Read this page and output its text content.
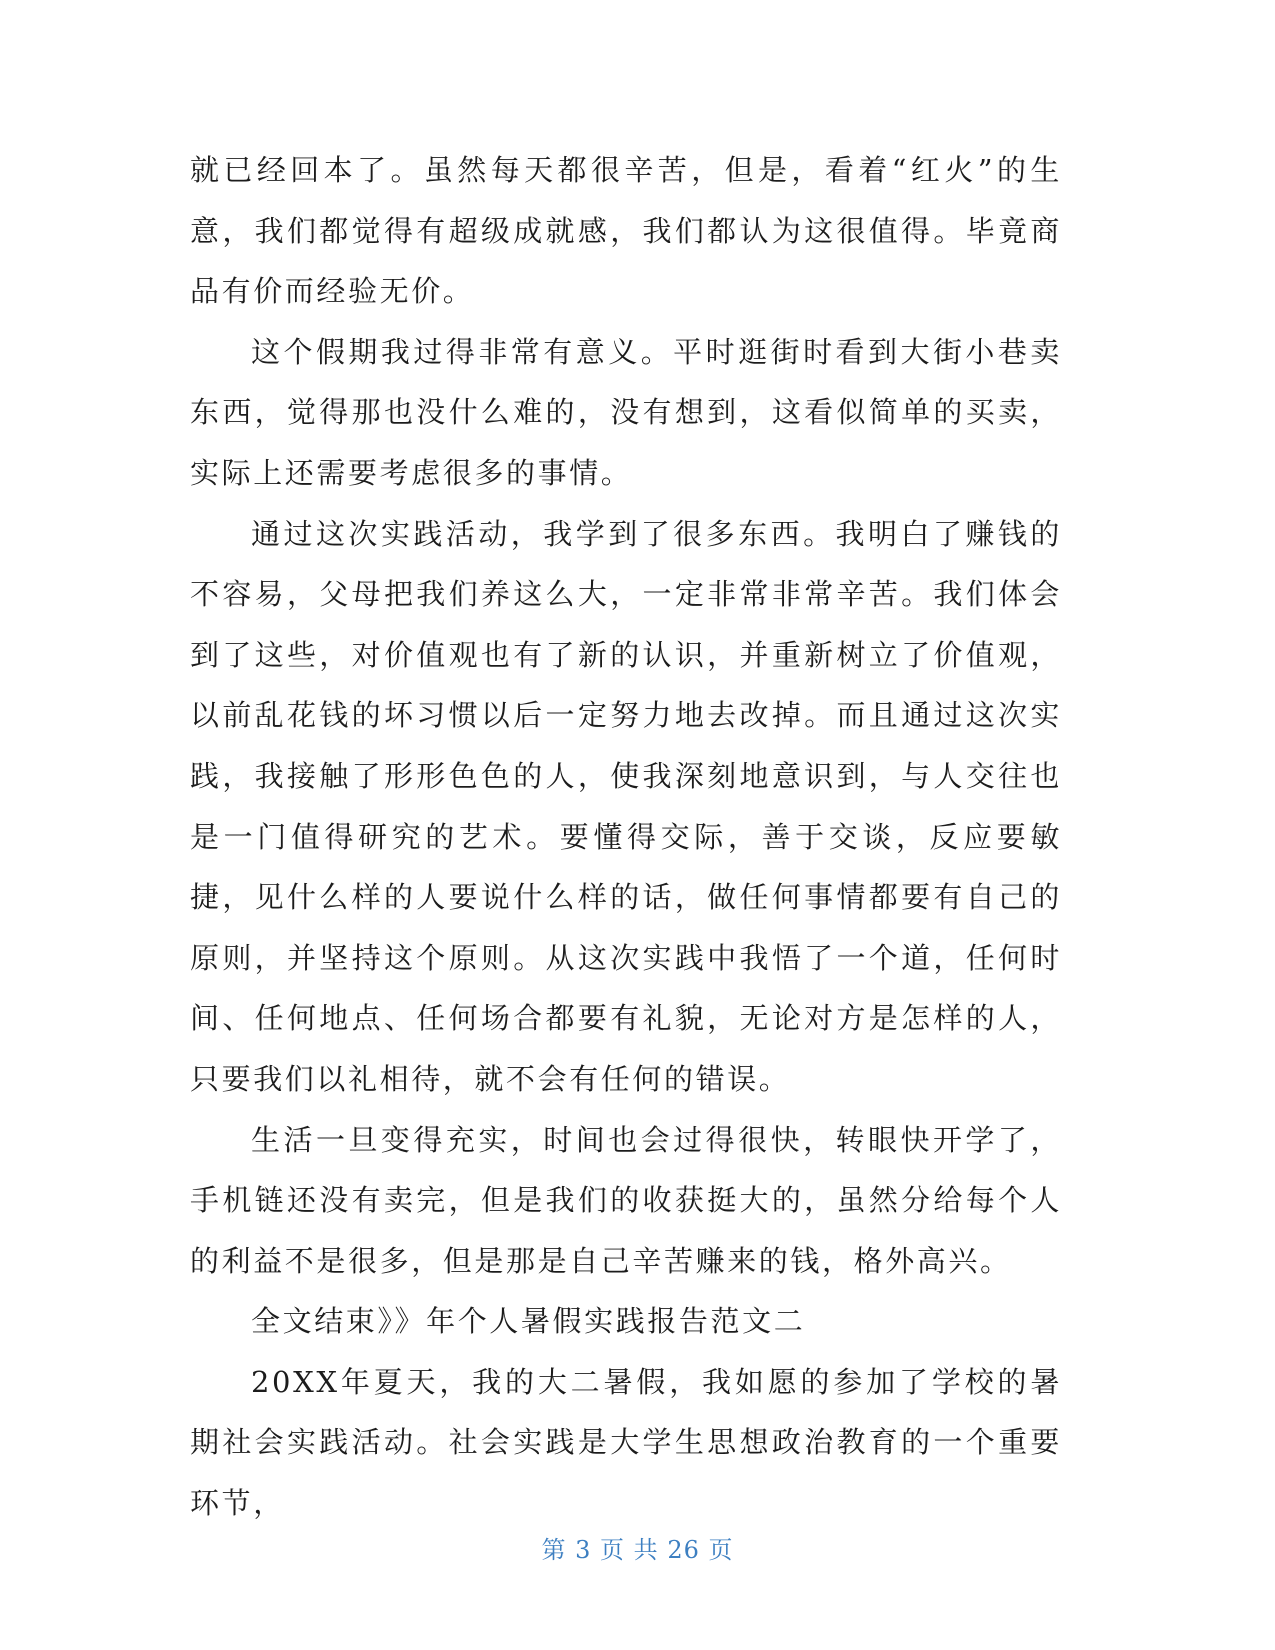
就已经回本了。虽然每天都很辛苦，但是，看着“红火”的生意，我们都觉得有超级成就感，我们都认为这很值得。毕竟商品有价而经验无价。

这个假期我过得非常有意义。平时逛街时看到大街小巷卖东西，觉得那也没什么难的，没有想到，这看似简单的买卖，实际上还需要考虑很多的事情。

通过这次实践活动，我学到了很多东西。我明白了赚钱的不容易，父母把我们养这么大，一定非常非常辛苦。我们体会到了这些，对价值观也有了新的认识，并重新树立了价值观，以前乱花钱的坏习惯以后一定努力地去改掉。而且通过这次实践，我接触了形形色色的人，使我深刻地意识到，与人交往也是一门值得研究的艺术。要懂得交际，善于交谈，反应要敏捷，见什么样的人要说什么样的话，做任何事情都要有自己的原则，并坚持这个原则。从这次实践中我悟了一个道，任何时间、任何地点、任何场合都要有礼貌，无论对方是怎样的人，只要我们以礼相待，就不会有任何的错误。

生活一旦变得充实，时间也会过得很快，转眼快开学了，手机链还没有卖完，但是我们的收获挺大的，虽然分给每个人的利益不是很多，但是那是自己辛苦赚来的钱，格外高兴。

全文结束》》年个人暑假实践报告范文二

20XX年夏天，我的大二暑假，我如愿的参加了学校的暑期社会实践活动。社会实践是大学生思想政治教育的一个重要环节，

第 3 页 共 26 页
